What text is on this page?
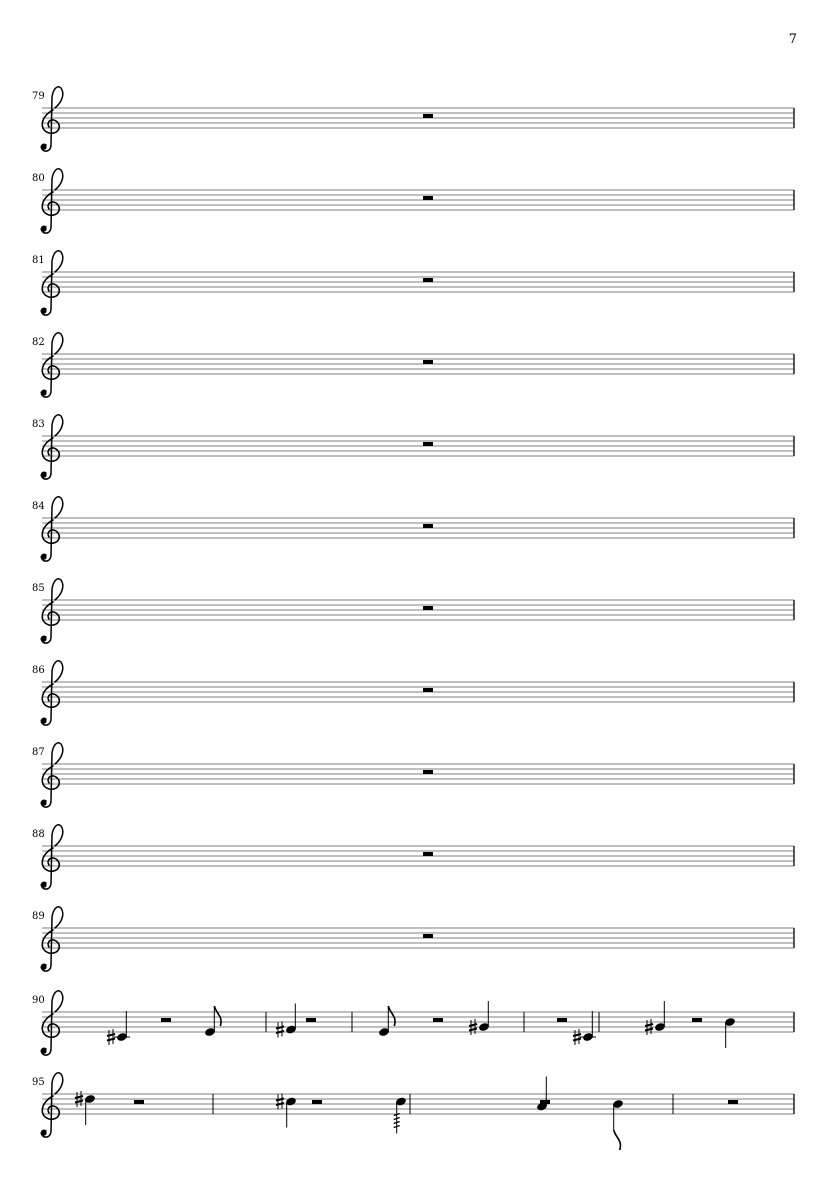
7
79
80
81
82
83
84
85
86
87
88
89
90
95
